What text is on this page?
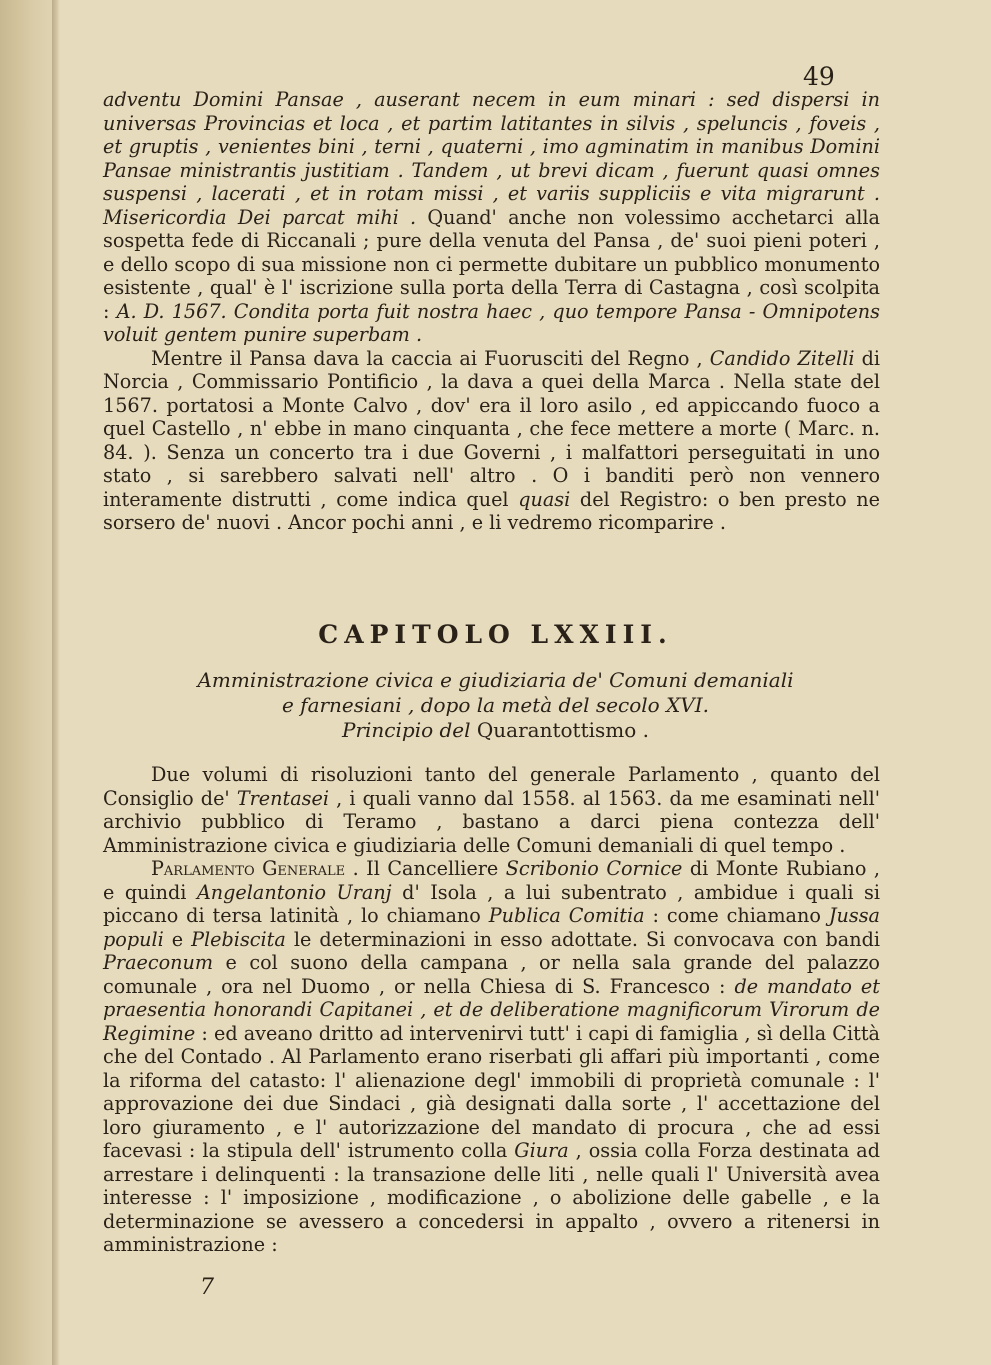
49

adventu Domini Pansae , auserant necem in eum minari : sed dispersi in universas Provincias et loca , et partim latitantes in silvis , speluncis , foveis , et gruptis , venientes bini , terni , quaterni , imo agminatim in manibus Domini Pansae ministrantis justitiam . Tandem , ut brevi dicam , fuerunt quasi omnes suspensi , lacerati , et in rotam missi , et variis suppliciis e vita migrarunt . Misericordia Dei parcat mihi . Quand' anche non volessimo acchetarci alla sospetta fede di Riccanali ; pure della venuta del Pansa , de' suoi pieni poteri , e dello scopo di sua missione non ci permette dubitare un pubblico monumento esistente , qual' è l' iscrizione sulla porta della Terra di Castagna , così scolpita : A. D. 1567. Condita porta fuit nostra haec , quo tempore Pansa - Omnipotens voluit gentem punire superbam .

Mentre il Pansa dava la caccia ai Fuorusciti del Regno , Candido Zitelli di Norcia , Commissario Pontificio , la dava a quei della Marca . Nella state del 1567. portatosi a Monte Calvo , dov' era il loro asilo , ed appiccando fuoco a quel Castello , n' ebbe in mano cinquanta , che fece mettere a morte ( Marc. n. 84. ). Senza un concerto tra i due Governi , i malfattori perseguitati in uno stato , si sarebbero salvati nell' altro . O i banditi però non vennero interamente distrutti , come indica quel quasi del Registro: o ben presto ne sorsero de' nuovi . Ancor pochi anni , e li vedremo ricomparire .

CAPITOLO LXXIII.
Amministrazione civica e giudiziaria de' Comuni demaniali
e farnesiani , dopo la metà del secolo XVI.
Principio del Quarantottismo .

Due volumi di risoluzioni tanto del generale Parlamento , quanto del Consiglio de' Trentasei , i quali vanno dal 1558. al 1563. da me esaminati nell' archivio pubblico di Teramo , bastano a darci piena contezza dell' Amministrazione civica e giudiziaria delle Comuni demaniali di quel tempo .

Parlamento Generale . Il Cancelliere Scribonio Cornice di Monte Rubiano , e quindi Angelantonio Uranj d' Isola , a lui subentrato , ambidue i quali si piccano di tersa latinità , lo chiamano Publica Comitia : come chiamano Jussa populi e Plebiscita le determinazioni in esso adottate. Si convocava con bandi Praeconum e col suono della campana , or nella sala grande del palazzo comunale , ora nel Duomo , or nella Chiesa di S. Francesco : de mandato et praesentia honorandi Capitanei , et de deliberatione magnificorum Virorum de Regimine : ed aveano dritto ad intervenirvi tutt' i capi di famiglia , sì della Città che del Contado . Al Parlamento erano riserbati gli affari più importanti , come la riforma del catasto: l' alienazione degl' immobili di proprietà comunale : l' approvazione dei due Sindaci , già designati dalla sorte , l' accettazione del loro giuramento , e l' autorizzazione del mandato di procura , che ad essi facevasi : la stipula dell' istrumento colla Giura , ossia colla Forza destinata ad arrestare i delinquenti : la transazione delle liti , nelle quali l' Università avea interesse : l' imposizione , modificazione , o abolizione delle gabelle , e la determinazione se avessero a concedersi in appalto , ovvero a ritenersi in amministrazione :

7
